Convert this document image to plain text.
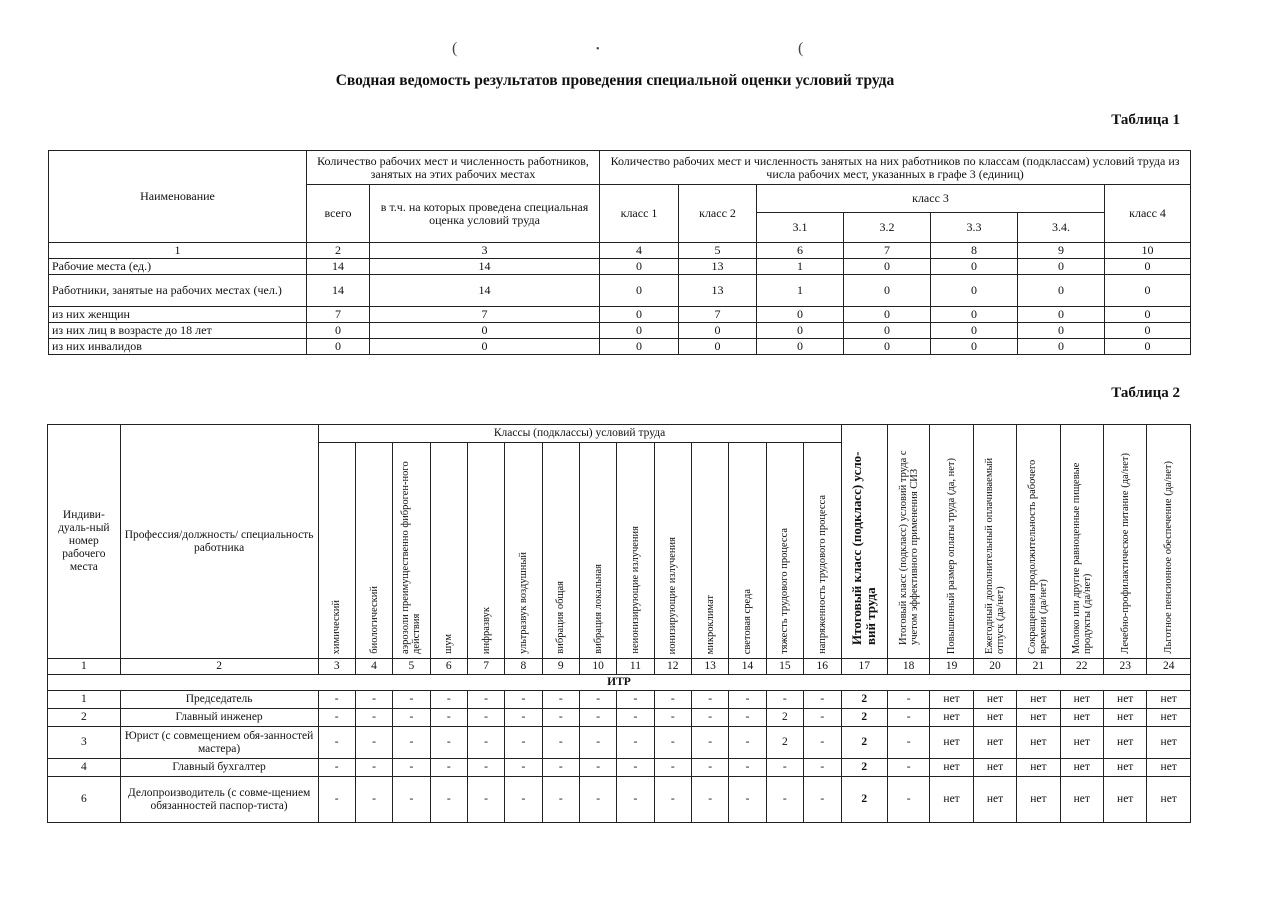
(	•	(
Сводная ведомость результатов проведения специальной оценки условий труда
Таблица 1
Наименование	Количество рабочих мест и численность работников, занятых на этих рабочих местах		Количество рабочих мест и численность занятых на них работников по классам (подклассам) условий труда из числа рабочих мест, указанных в графе 3 (единиц)						
	всего	в т.ч. на которых проведена специальная оценка условий труда	класс 1	класс 2	класс 3				класс 4
					3.1	3.2	3.3	3.4.	
1	2	3	4	5	6	7	8	9	10
Рабочие места (ед.)	14	14	0	13	1	0	0	0	0
Работники, занятые на рабочих местах (чел.)	14	14	0	13	1	0	0	0	0
из них женщин	7	7	0	7	0	0	0	0	0
из них лиц в возрасте до 18 лет	0	0	0	0	0	0	0	0	0
из них инвалидов	0	0	0	0	0	0	0	0	0
Таблица 2
Индиви-дуаль-ный номер рабочего места	Профессия/должность/ специальность работника	Классы (подклассы) условий труда														Итоговый класс (подкласс) усло-вий труда	Итоговый класс (подкласс) условий труда с учетом эффективного применения СИЗ	Повышенный размер оплаты труда (да, нет)	Ежегодный дополнительный оплачиваемый отпуск (да/нет)	Сокращенная продолжительность рабочего времени (да/нет)	Молоко или другие равноценные пищевые продукты (да/нет)	Лечебно-профилактическое питание (да/нет)	Льготное пенсионное обеспечение (да/нет)
		химический	биологический	аэрозоли преимущественно фиброген-ного действия	шум	инфразвук	ультразвук воздушный	вибрация общая	вибрация локальная	неионизирующие излучения	ионизирующие излучения	микроклимат	световая среда	тяжесть трудового процесса	напряженность трудового процесса								
1	2	3	4	5	6	7	8	9	10	11	12	13	14	15	16	17	18	19	20	21	22	23	24
ИТР																							
1	Председатель	-	-	-	-	-	-	-	-	-	-	-	-	-	-	2	-	нет	нет	нет	нет	нет	нет
2	Главный инженер	-	-	-	-	-	-	-	-	-	-	-	-	2	-	2	-	нет	нет	нет	нет	нет	нет
3	Юрист (с совмещением обя-занностей мастера)	-	-	-	-	-	-	-	-	-	-	-	-	2	-	2	-	нет	нет	нет	нет	нет	нет
4	Главный бухгалтер	-	-	-	-	-	-	-	-	-	-	-	-	-	-	2	-	нет	нет	нет	нет	нет	нет
6	Делопроизводитель (с совме-щением обязанностей паспор-тиста)	-	-	-	-	-	-	-	-	-	-	-	-	-	-	2	-	нет	нет	нет	нет	нет	нет
